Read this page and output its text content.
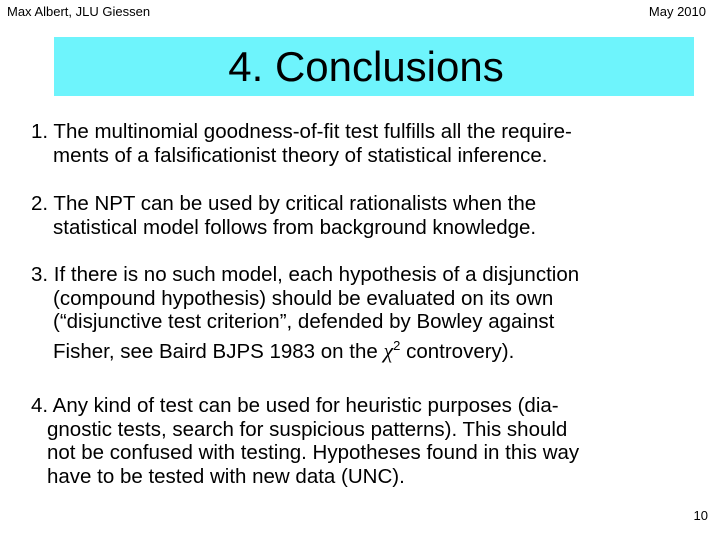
Max Albert, JLU Giessen	May 2010
4. Conclusions
1. The multinomial goodness-of-fit test fulfills all the require-
ments of a falsificationist theory of statistical inference.
2. The NPT can be used by critical rationalists when the
statistical model follows from background knowledge.
3. If there is no such model, each hypothesis of a disjunction
(compound hypothesis) should be evaluated on its own
(“disjunctive test criterion”, defended by Bowley against
Fisher, see Baird BJPS 1983 on the $\chi^2$ controvery).
4. Any kind of test can be used for heuristic purposes (dia-
gnostic tests, search for suspicious patterns). This should
not be confused with testing. Hypotheses found in this way
have to be tested with new data (UNC).
10
